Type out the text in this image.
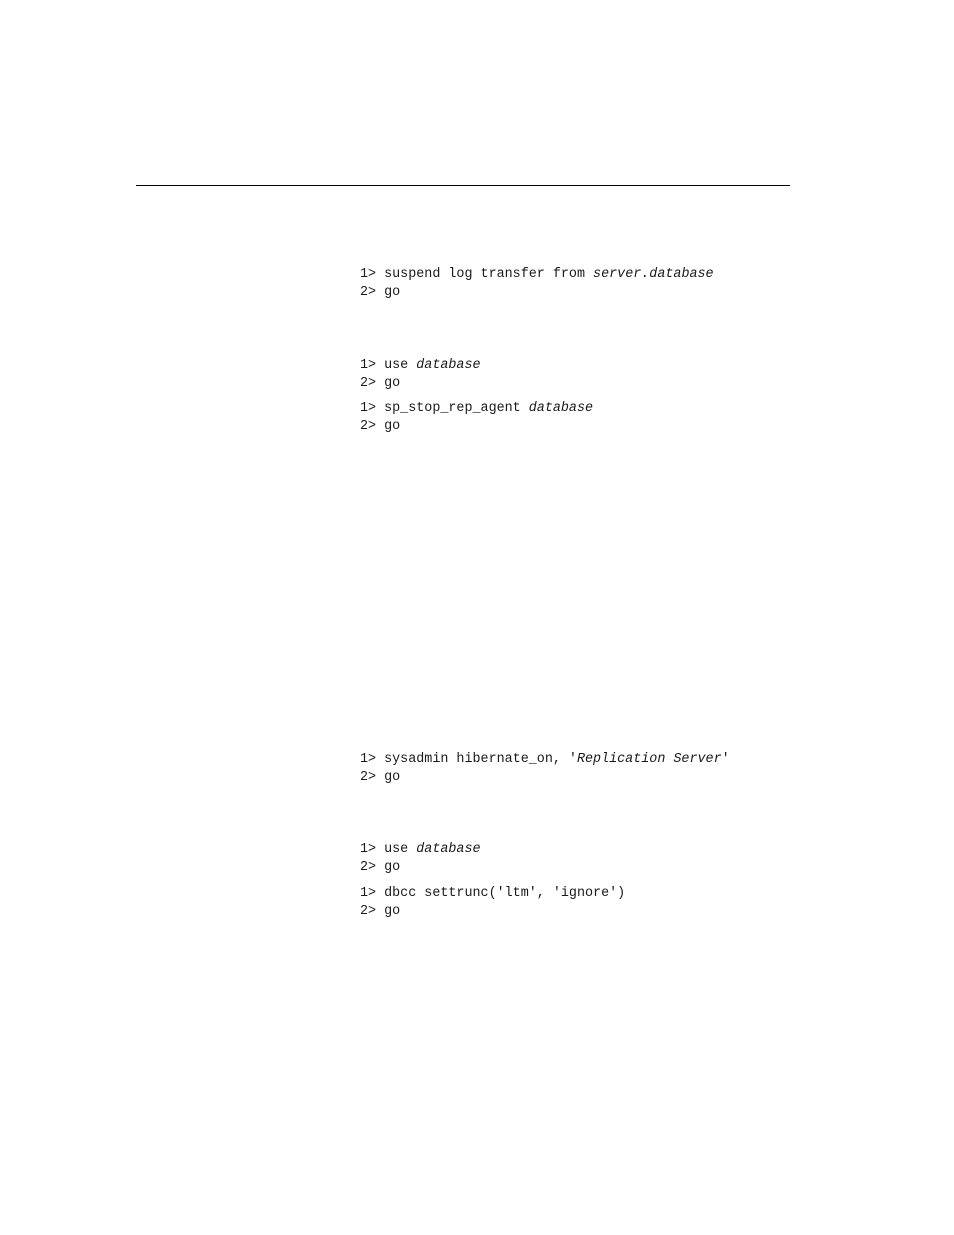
1> suspend log transfer from server.database
2> go
1> use database
2> go
1> sp_stop_rep_agent database
2> go
1> sysadmin hibernate_on, 'Replication Server'
2> go
1> use database
2> go
1> dbcc settrunc('ltm', 'ignore')
2> go
